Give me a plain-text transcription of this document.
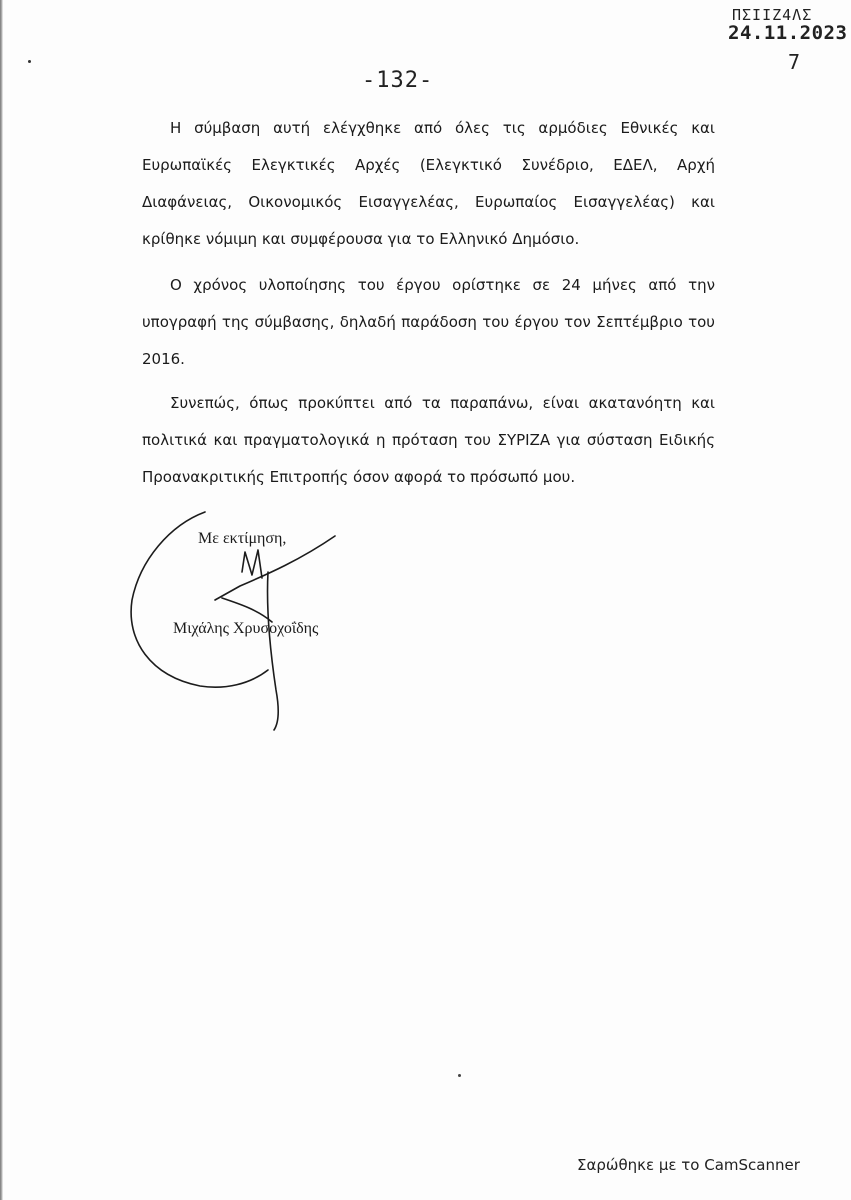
ΠΣΙΙΖ4ΛΣ
24.11.2023
7
-132-

Η σύμβαση αυτή ελέγχθηκε από όλες τις αρμόδιες Εθνικές και Ευρωπαϊκές Ελεγκτικές Αρχές (Ελεγκτικό Συνέδριο, ΕΔΕΛ, Αρχή Διαφάνειας, Οικονομικός Εισαγγελέας, Ευρωπαίος Εισαγγελέας) και κρίθηκε νόμιμη και συμφέρουσα για το Ελληνικό Δημόσιο.

Ο χρόνος υλοποίησης του έργου ορίστηκε σε 24 μήνες από την υπογραφή της σύμβασης, δηλαδή παράδοση του έργου τον Σεπτέμβριο του 2016.

Συνεπώς, όπως προκύπτει από τα παραπάνω, είναι ακατανόητη και πολιτικά και πραγματολογικά η πρόταση του ΣΥΡΙΖΑ για σύσταση Ειδικής Προανακριτικής Επιτροπής όσον αφορά το πρόσωπό μου.

Με εκτίμηση,
Μιχάλης Χρυσοχοΐδης
Σαρώθηκε με το CamScanner
